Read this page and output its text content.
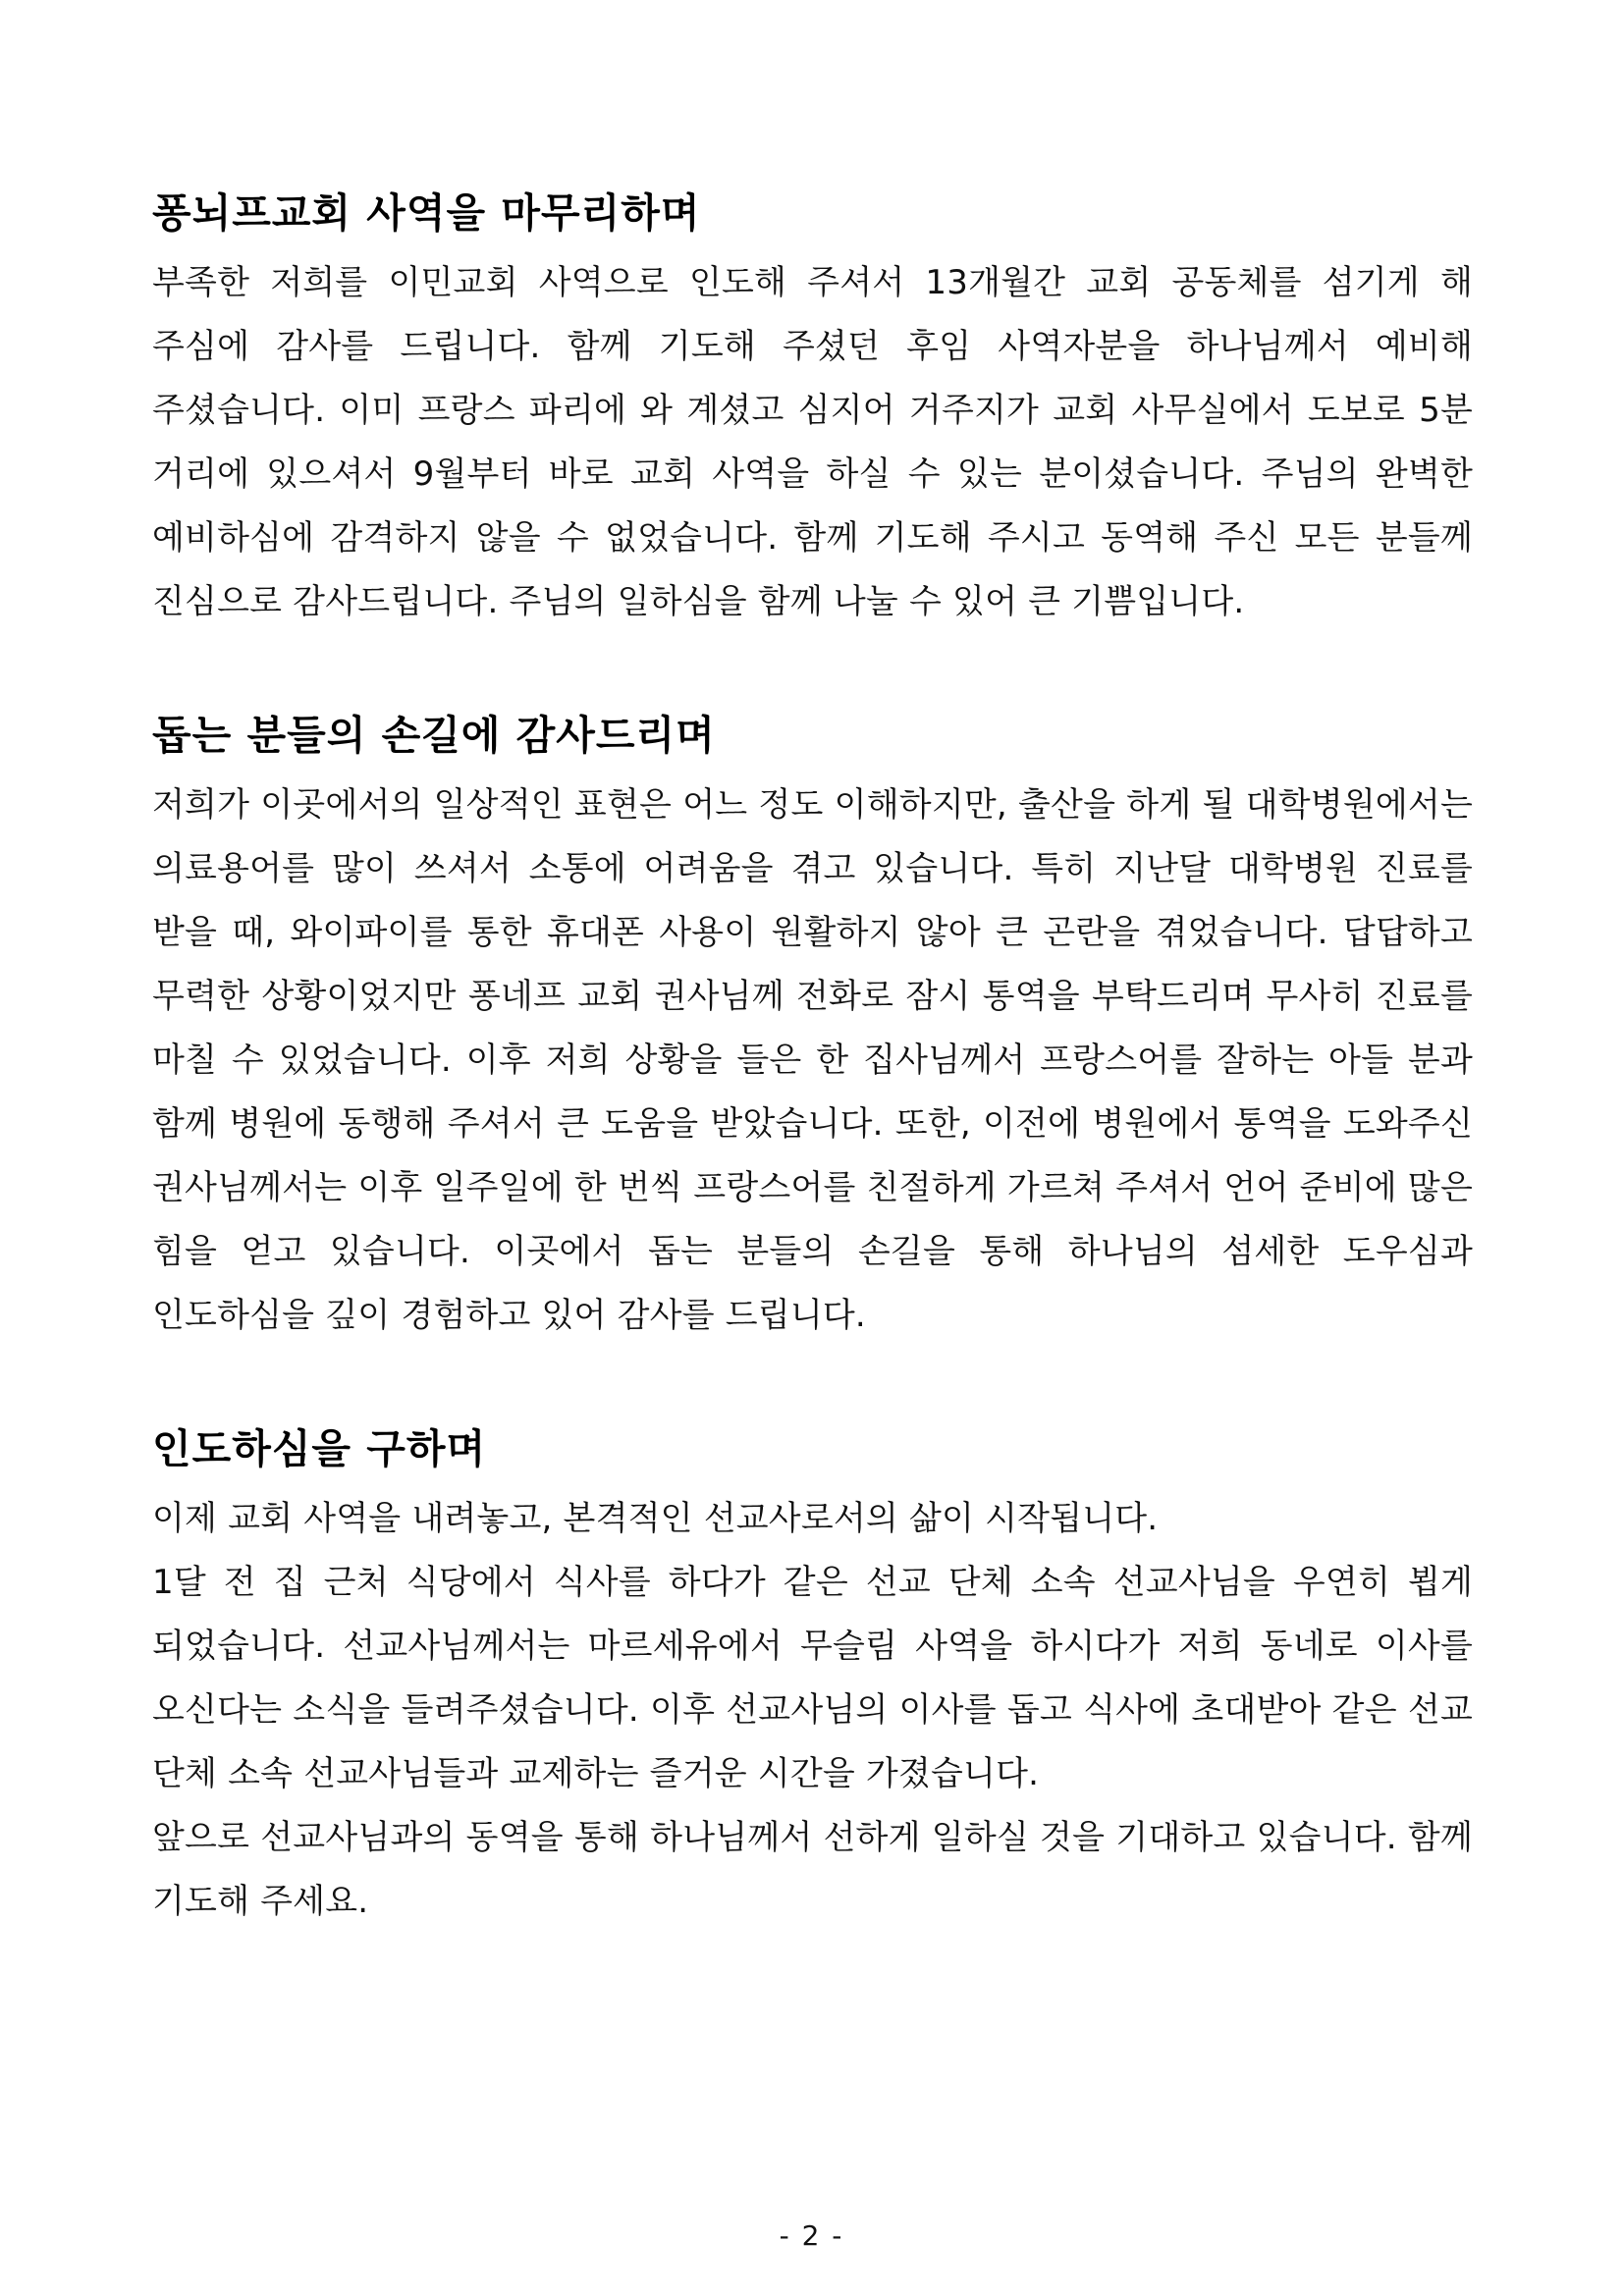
퐁뇌프교회 사역을 마무리하며

부족한 저희를 이민교회 사역으로 인도해 주셔서 13개월간 교회 공동체를 섬기게 해 주심에 감사를 드립니다. 함께 기도해 주셨던 후임 사역자분을 하나님께서 예비해 주셨습니다. 이미 프랑스 파리에 와 계셨고 심지어 거주지가 교회 사무실에서 도보로 5분 거리에 있으셔서 9월부터 바로 교회 사역을 하실 수 있는 분이셨습니다. 주님의 완벽한 예비하심에 감격하지 않을 수 없었습니다. 함께 기도해 주시고 동역해 주신 모든 분들께 진심으로 감사드립니다. 주님의 일하심을 함께 나눌 수 있어 큰 기쁨입니다.

돕는 분들의 손길에 감사드리며

저희가 이곳에서의 일상적인 표현은 어느 정도 이해하지만, 출산을 하게 될 대학병원에서는 의료용어를 많이 쓰셔서 소통에 어려움을 겪고 있습니다. 특히 지난달 대학병원 진료를 받을 때, 와이파이를 통한 휴대폰 사용이 원활하지 않아 큰 곤란을 겪었습니다. 답답하고 무력한 상황이었지만 퐁네프 교회 권사님께 전화로 잠시 통역을 부탁드리며 무사히 진료를 마칠 수 있었습니다. 이후 저희 상황을 들은 한 집사님께서 프랑스어를 잘하는 아들 분과 함께 병원에 동행해 주셔서 큰 도움을 받았습니다. 또한, 이전에 병원에서 통역을 도와주신 권사님께서는 이후 일주일에 한 번씩 프랑스어를 친절하게 가르쳐 주셔서 언어 준비에 많은 힘을 얻고 있습니다. 이곳에서 돕는 분들의 손길을 통해 하나님의 섬세한 도우심과 인도하심을 깊이 경험하고 있어 감사를 드립니다.

인도하심을 구하며

이제 교회 사역을 내려놓고, 본격적인 선교사로서의 삶이 시작됩니다.

1달 전 집 근처 식당에서 식사를 하다가 같은 선교 단체 소속 선교사님을 우연히 뵙게 되었습니다. 선교사님께서는 마르세유에서 무슬림 사역을 하시다가 저희 동네로 이사를 오신다는 소식을 들려주셨습니다. 이후 선교사님의 이사를 돕고 식사에 초대받아 같은 선교 단체 소속 선교사님들과 교제하는 즐거운 시간을 가졌습니다.

앞으로 선교사님과의 동역을 통해 하나님께서 선하게 일하실 것을 기대하고 있습니다. 함께 기도해 주세요.

- 2 -
